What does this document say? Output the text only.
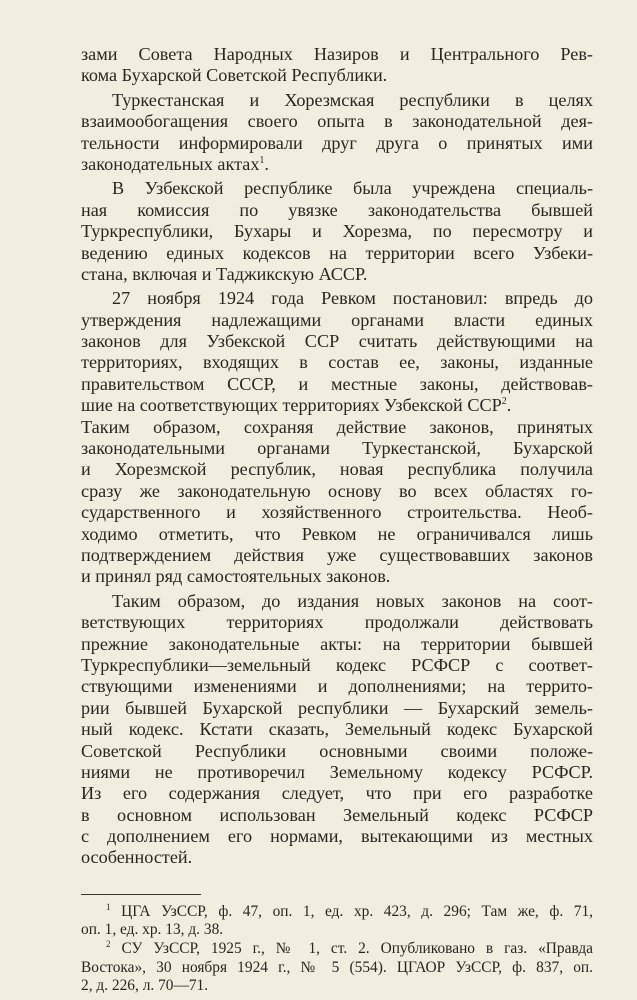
зами Совета Народных Назиров и Центрального Рев-
кома Бухарской Советской Республики.
Туркестанская и Хорезмская республики в целях
взаимообогащения своего опыта в законодательной дея-
тельности информировали друг друга о принятых ими
законодательных актах$^1$.
В Узбекской республике была учреждена специаль-
ная комиссия по увязке законодательства бывшей
Туркреспублики, Бухары и Хорезма, по пересмотру и
ведению единых кодексов на территории всего Узбеки-
стана, включая и Таджикскую АССР.
27 ноября 1924 года Ревком постановил: впредь до
утверждения надлежащими органами власти единых
законов для Узбекской ССР считать действующими на
территориях, входящих в состав ее, законы, изданные
правительством СССР, и местные законы, действовав-
шие на соответствующих территориях Узбекской ССР$^2$.
Таким образом, сохраняя действие законов, принятых
законодательными органами Туркестанской, Бухарской
и Хорезмской республик, новая республика получила
сразу же законодательную основу во всех областях го-
сударственного и хозяйственного строительства. Необ-
ходимо отметить, что Ревком не ограничивался лишь
подтверждением действия уже существовавших законов
и принял ряд самостоятельных законов.
Таким образом, до издания новых законов на соот-
ветствующих территориях продолжали действовать
прежние законодательные акты: на территории бывшей
Туркреспублики—земельный кодекс РСФСР с соответ-
ствующими изменениями и дополнениями; на террито-
рии бывшей Бухарской республики — Бухарский земель-
ный кодекс. Кстати сказать, Земельный кодекс Бухарской
Советской Республики основными своими положе-
ниями не противоречил Земельному кодексу РСФСР.
Из его содержания следует, что при его разработке
в основном использован Земельный кодекс РСФСР
с дополнением его нормами, вытекающими из местных
особенностей.
$^1$ ЦГА УзССР, ф. 47, оп. 1, ед. хр. 423, д. 296; Там же, ф. 71,
оп. 1, ед. хр. 13, д. 38.
$^2$ СУ УзССР, 1925 г., № 1, ст. 2. Опубликовано в газ. «Правда
Востока», 30 ноября 1924 г., № 5 (554). ЦГАОР УзССР, ф. 837, оп.
2, д. 226, л. 70—71.
